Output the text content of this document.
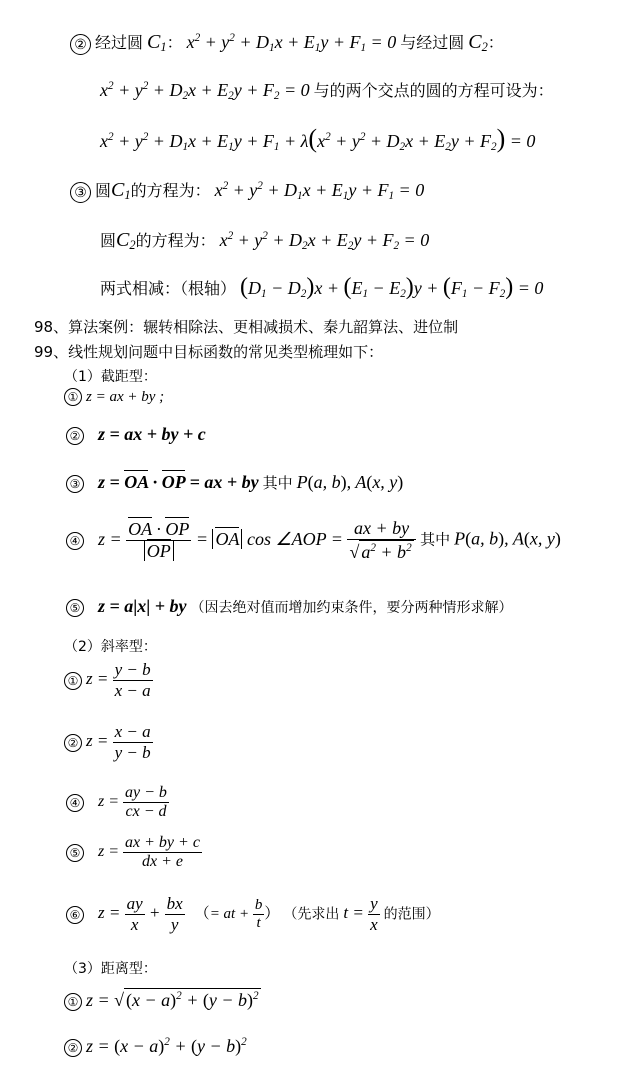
② 经过圆 $C_1$： $x^2 + y^2 + D_1x + E_1y + F_1 = 0$ 与经过圆 $C_2$：
$x^2 + y^2 + D_2x + E_2y + F_2 = 0$ 与的两个交点的圆的方程可设为：
$x^2 + y^2 + D_1x + E_1y + F_1 + \lambda(x^2 + y^2 + D_2x + E_2y + F_2) = 0$
③ 圆$C_1$的方程为： $x^2 + y^2 + D_1x + E_1y + F_1 = 0$
圆$C_2$的方程为： $x^2 + y^2 + D_2x + E_2y + F_2 = 0$
两式相减：（根轴） $(D_1 - D_2)x + (E_1 - E_2)y + (F_1 - F_2) = 0$
98、算法案例：辗转相除法、更相减损术、秦九韶算法、进位制
99、线性规划问题中目标函数的常见类型梳理如下：
（1）截距型：
① z = ax + by ;
② z = ax + by + c
③ z = OA · OP = ax + by 其中 P(a, b), A(x, y)
④ $z = \frac{OA \cdot OP}{OP}$ = OA cos ∠AOP = $\frac{ax + by}{√ a^2 + b^2}$ 其中 P(a, b), A(x, y)
⑤ z = a|x| + by （因去绝对值而增加约束条件，要分两种情形求解）
（2）斜率型：
① $z = \frac{y - b}{x - a}$
② $z = \frac{x - a}{y - b}$
④ $z = \frac{ay - b}{cx - d}$
⑤ $z = \frac{ax + by + c}{dx + e}$
⑥ $z = \frac{ay}{x} + \frac{bx}{y}$ （= at + $\frac{b}{t}$ ） （先求出 $t = \frac{y}{x}$ 的范围）
（3）距离型：
① z = √ $(x - a)^2 + (y - b)^2$
② $z = (x - a)^2 + (y - b)^2$
